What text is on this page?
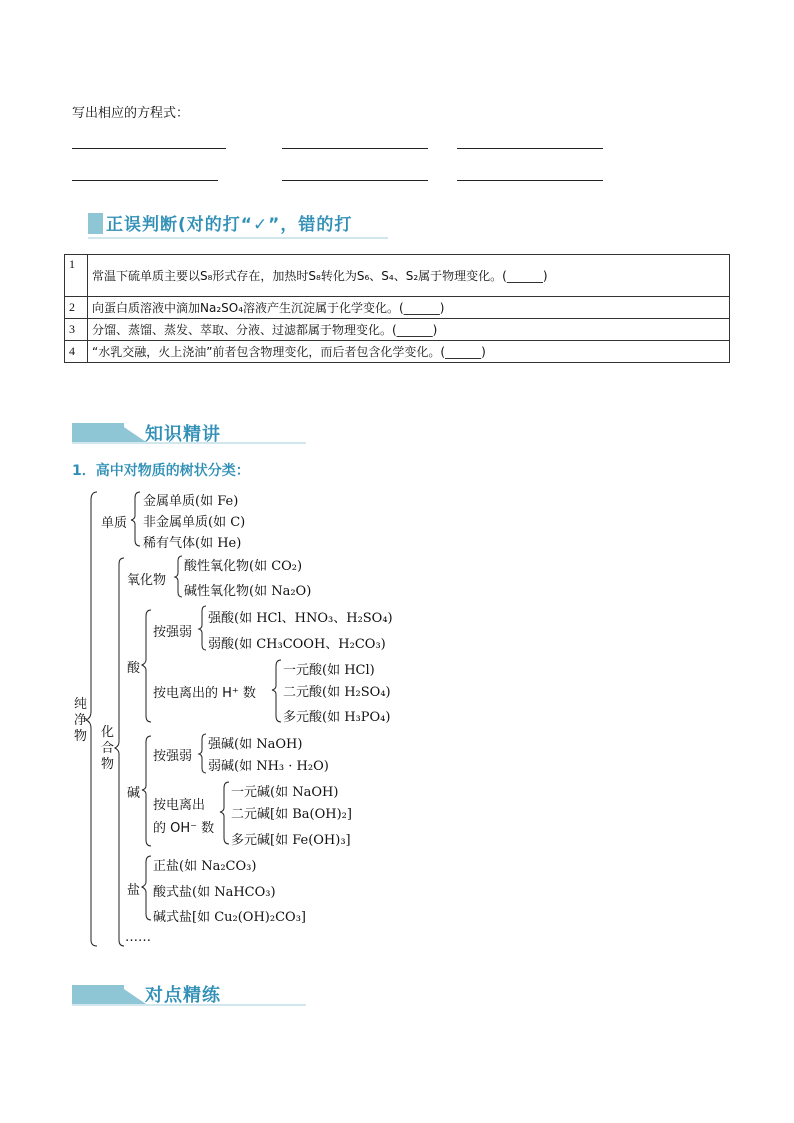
写出相应的方程式：
正误判断(对的打“✓”，错的打
1	常温下硫单质主要以S₈形式存在，加热时S₈转化为S₆、S₄、S₂属于物理变化。(______)
2	向蛋白质溶液中滴加Na₂SO₄溶液产生沉淀属于化学变化。(______)
3	分馏、蒸馏、蒸发、萃取、分液、过滤都属于物理变化。(______)
4	“水乳交融，火上浇油”前者包含物理变化，而后者包含化学变化。(______)
知识精讲
1．高中对物质的树状分类：
纯净物
单质
金属单质(如 Fe)
非金属单质(如 C)
稀有气体(如 He)
化合物
氧化物
酸性氧化物(如 CO₂)
碱性氧化物(如 Na₂O)
酸
按强弱
强酸(如 HCl、HNO₃、H₂SO₄)
弱酸(如 CH₃COOH、H₂CO₃)
按电离出的 H⁺ 数
一元酸(如 HCl)
二元酸(如 H₂SO₄)
多元酸(如 H₃PO₄)
碱
按强弱
强碱(如 NaOH)
弱碱(如 NH₃ · H₂O)
按电离出
的 OH⁻ 数
一元碱(如 NaOH)
二元碱[如 Ba(OH)₂]
多元碱[如 Fe(OH)₃]
盐
正盐(如 Na₂CO₃)
酸式盐(如 NaHCO₃)
碱式盐[如 Cu₂(OH)₂CO₃]
……
对点精练
